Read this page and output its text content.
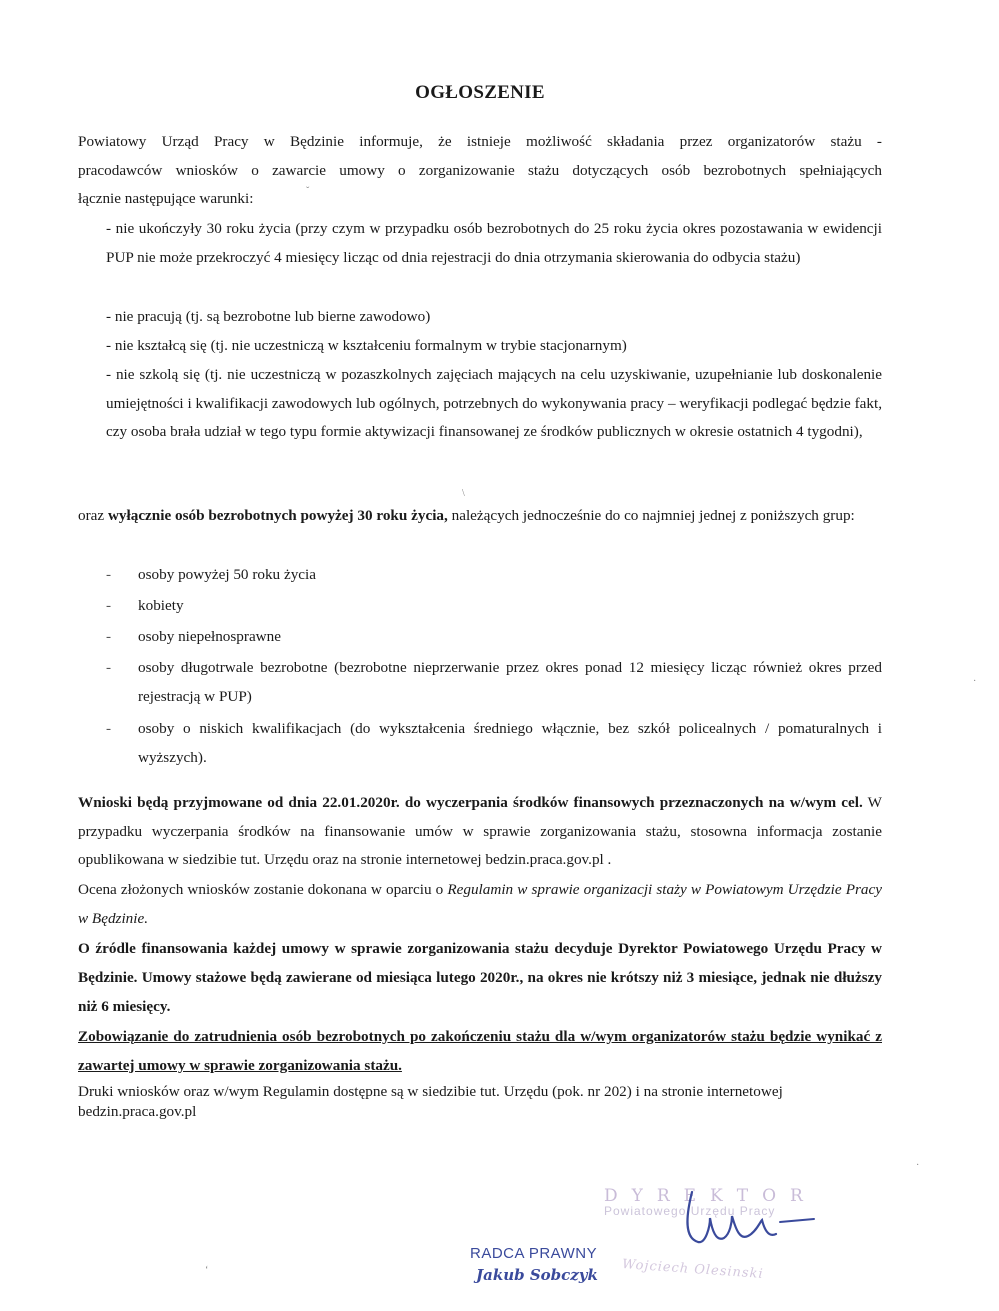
OGŁOSZENIE
Powiatowy Urząd Pracy w Będzinie informuje, że istnieje możliwość składania przez organizatorów stażu -
pracodawców wniosków o zawarcie umowy o zorganizowanie stażu dotyczących osób bezrobotnych spełniających
łącznie następujące warunki:
- nie ukończyły 30 roku życia (przy czym w przypadku osób bezrobotnych do 25 roku życia okres pozostawania w ewidencji PUP nie może przekroczyć 4 miesięcy licząc od dnia rejestracji do dnia otrzymania skierowania do odbycia stażu)
- nie pracują (tj. są bezrobotne lub bierne zawodowo)
- nie kształcą się (tj. nie uczestniczą w kształceniu formalnym w trybie stacjonarnym)
- nie szkolą się (tj. nie uczestniczą w pozaszkolnych zajęciach mających na celu uzyskiwanie, uzupełnianie lub doskonalenie umiejętności i kwalifikacji zawodowych lub ogólnych, potrzebnych do wykonywania pracy – weryfikacji podlegać będzie fakt, czy osoba brała udział w tego typu formie aktywizacji finansowanej ze środków publicznych w okresie ostatnich 4 tygodni),
oraz wyłącznie osób bezrobotnych powyżej 30 roku życia, należących jednocześnie do co najmniej jednej z poniższych grup:
- osoby powyżej 50 roku życia
- kobiety
- osoby niepełnosprawne
- osoby długotrwale bezrobotne (bezrobotne nieprzerwanie przez okres ponad 12 miesięcy licząc również okres przed rejestracją w PUP)
- osoby o niskich kwalifikacjach (do wykształcenia średniego włącznie, bez szkół policealnych / pomaturalnych i wyższych).
Wnioski będą przyjmowane od dnia 22.01.2020r. do wyczerpania środków finansowych przeznaczonych na w/wym cel. W przypadku wyczerpania środków na finansowanie umów w sprawie zorganizowania stażu, stosowna informacja zostanie opublikowana w siedzibie tut. Urzędu oraz na stronie internetowej bedzin.praca.gov.pl .
Ocena złożonych wniosków zostanie dokonana w oparciu o Regulamin w sprawie organizacji staży w Powiatowym Urzędzie Pracy w Będzinie.
O źródle finansowania każdej umowy w sprawie zorganizowania stażu decyduje Dyrektor Powiatowego Urzędu Pracy w Będzinie. Umowy stażowe będą zawierane od miesiąca lutego 2020r., na okres nie krótszy niż 3 miesiące, jednak nie dłuższy niż 6 miesięcy.
Zobowiązanie do zatrudnienia osób bezrobotnych po zakończeniu stażu dla w/wym organizatorów stażu będzie wynikać z zawartej umowy w sprawie zorganizowania stażu.
Druki wniosków oraz w/wym Regulamin dostępne są w siedzibie tut. Urzędu (pok. nr 202) i na stronie internetowej bedzin.praca.gov.pl
DYREKTOR
Powiatowego Urzędu Pracy
Wojciech Olesinski
RADCA PRAWNY
Jakub Sobczyk
ˇ
\
·
·
ʻ
